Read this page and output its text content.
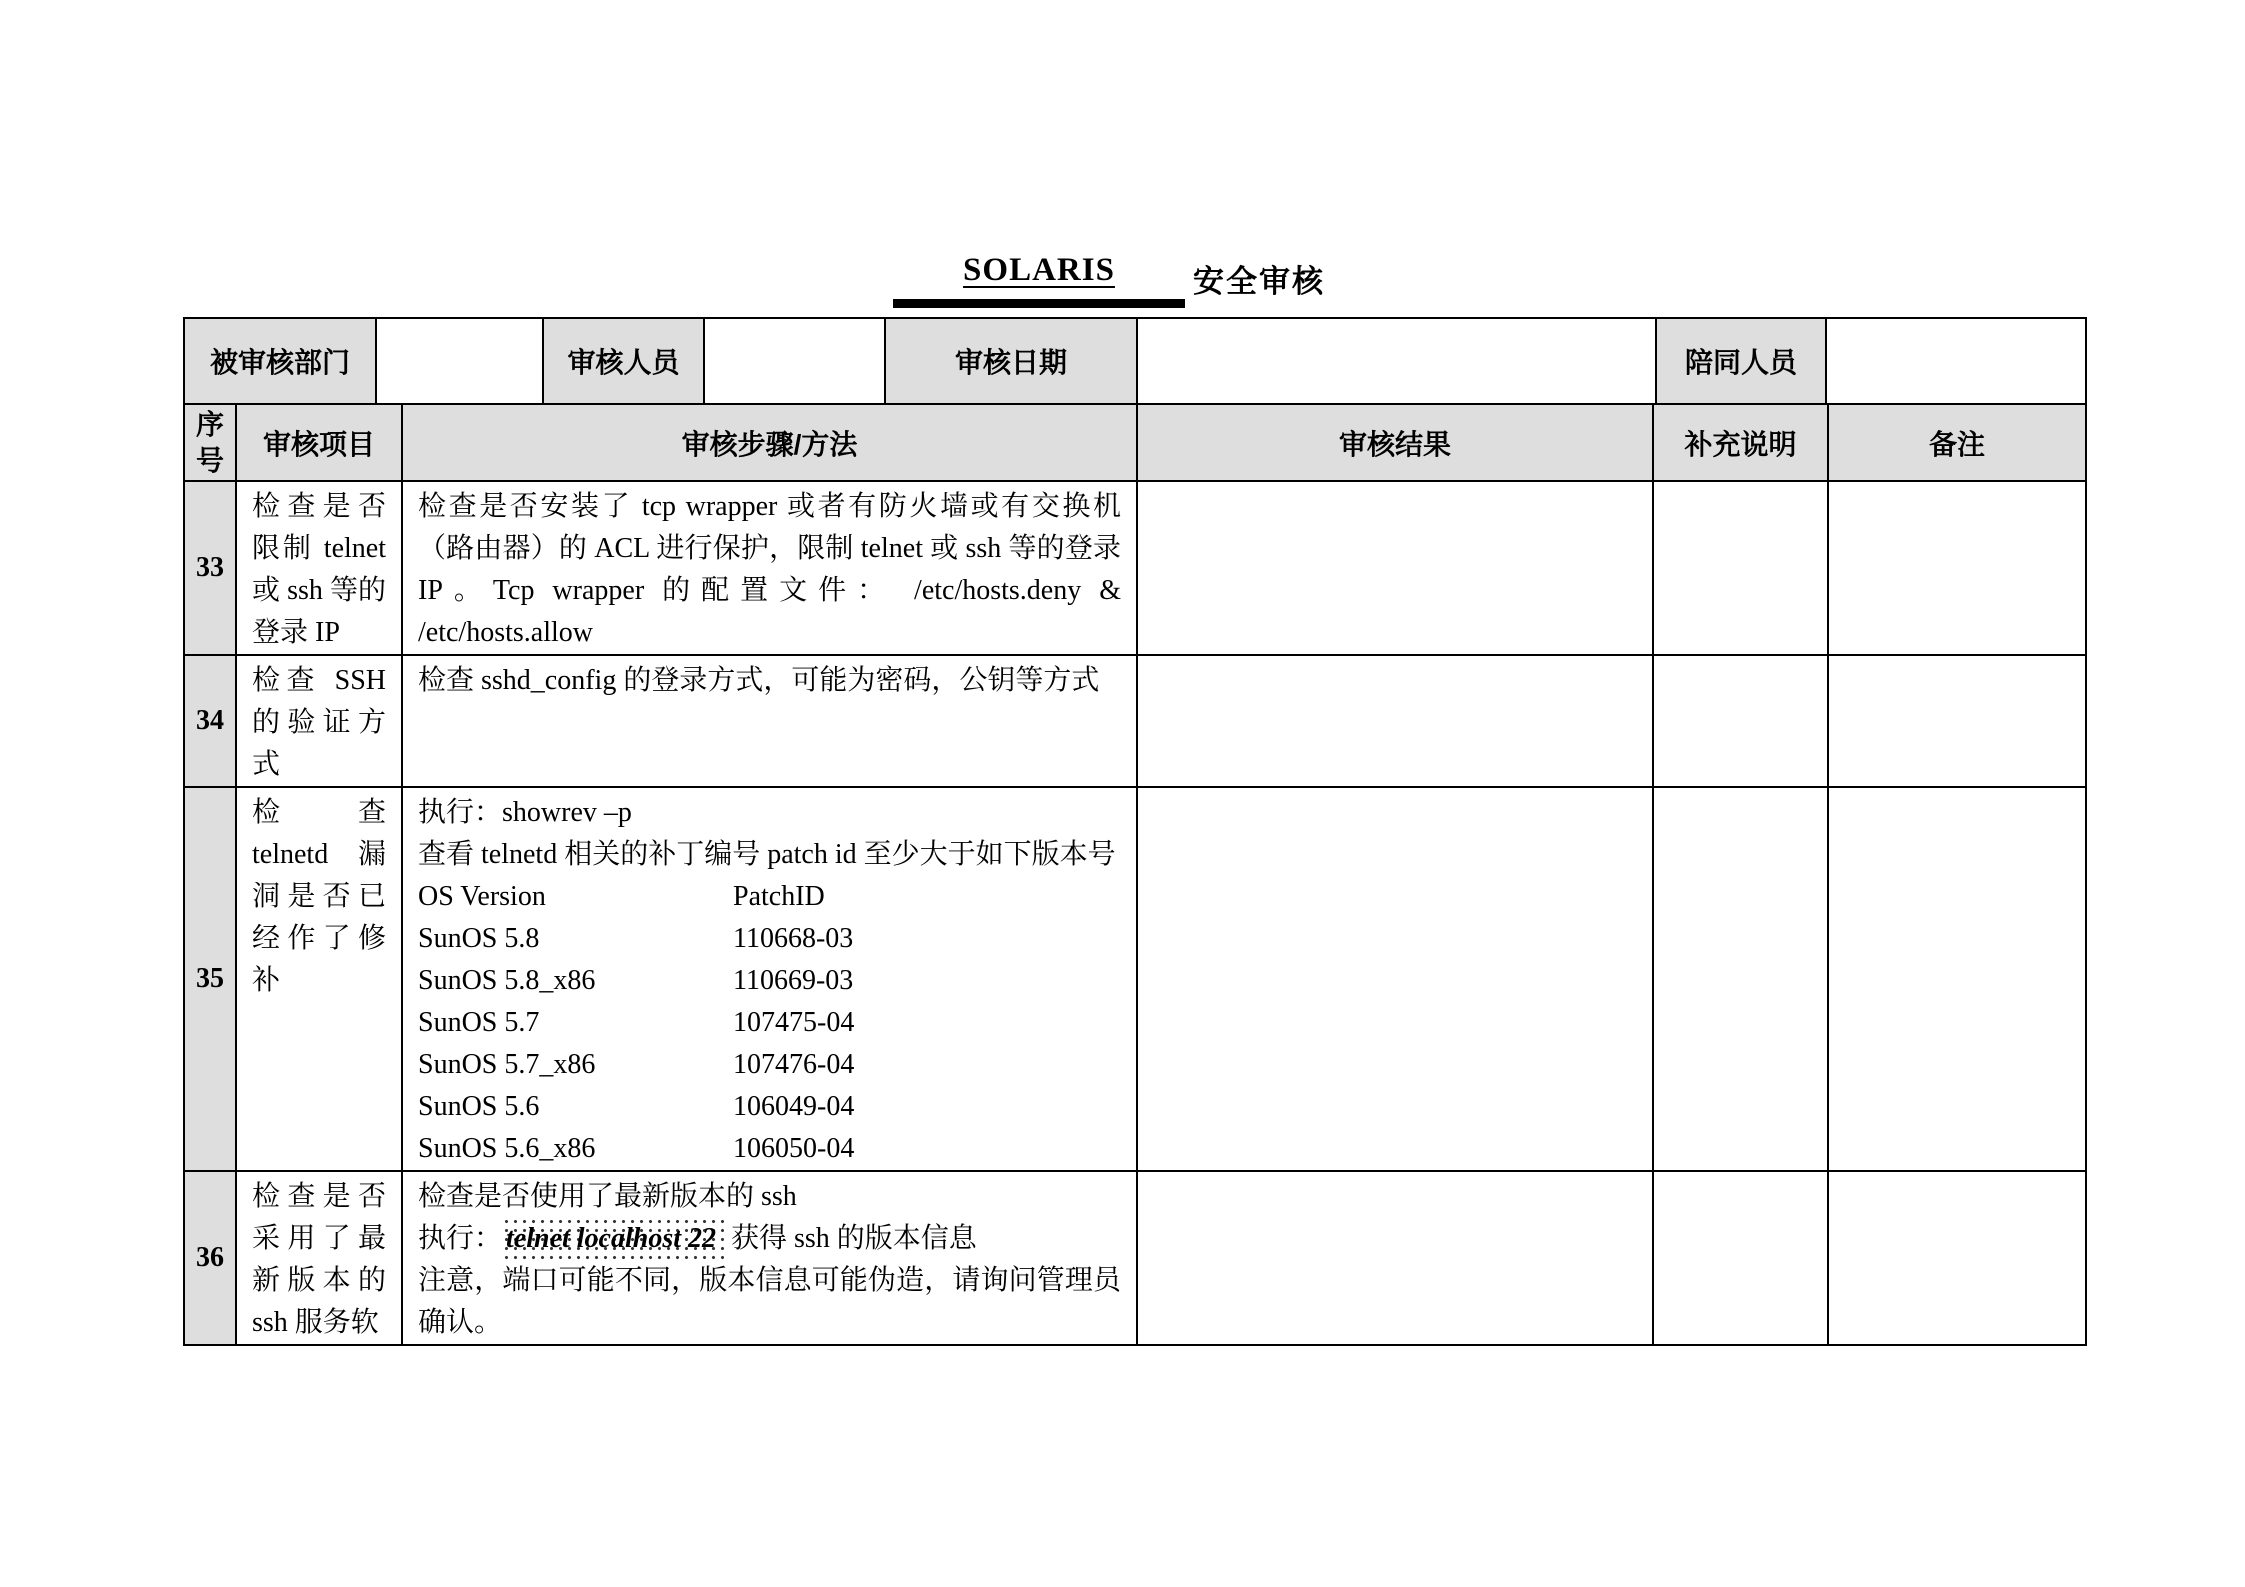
SOLARIS	安全审核
被审核部门		审核人员		审核日期		陪同人员	
序号	审核项目	审核步骤/方法	审核结果	补充说明	备注
33	检查是否限制 telnet 或 ssh 等的登录 IP	检查是否安装了 tcp wrapper 或者有防火墙或有交换机（路由器）的 ACL 进行保护，限制 telnet 或 ssh 等的登录 IP。Tcp wrapper 的配置文件： /etc/hosts.deny & /etc/hosts.allow			
34	检查 SSH 的验证方式	检查 sshd_config 的登录方式，可能为密码，公钥等方式			
35	检查 telnetd 漏洞是否已经作了修补	
执行：showrev –p
查看 telnetd 相关的补丁编号 patch id 至少大于如下版本号
OS Version	PatchID
SunOS 5.8	110668-03
SunOS 5.8_x86	110669-03
SunOS 5.7	107475-04
SunOS 5.7_x86	107476-04
SunOS 5.6	106049-04
SunOS 5.6_x86	106050-04

36	检查是否采用了最新版本的 ssh 服务软	检查是否使用了最新版本的 ssh
执行： telnet localhost 22 获得 ssh 的版本信息
注意，端口可能不同，版本信息可能伪造，请询问管理员确认。			
